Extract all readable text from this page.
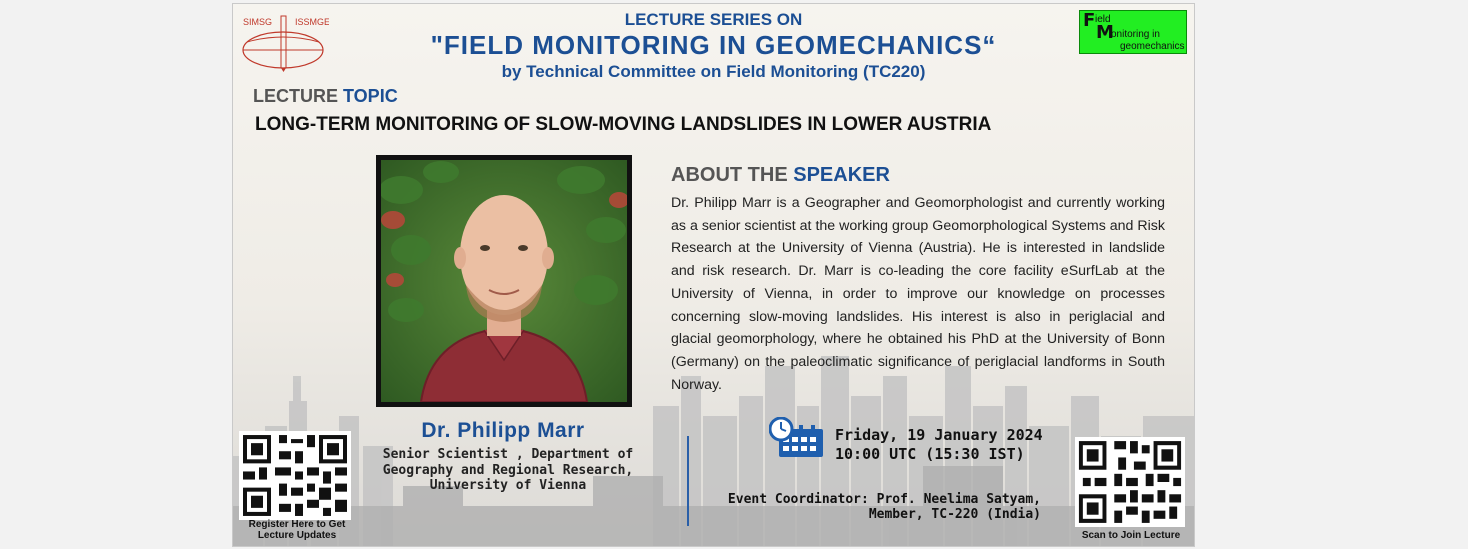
SIMSG	ISSMGE	F ield
M
onitoring in
geomechanics
LECTURE SERIES ON
"FIELD MONITORING IN GEOMECHANICS“
by Technical Committee on Field Monitoring (TC220)
LECTURE TOPIC
LONG-TERM MONITORING OF SLOW-MOVING LANDSLIDES IN LOWER AUSTRIA
ABOUT THE SPEAKER
Dr. Philipp Marr is a Geographer and Geomorphologist and currently working as a senior scientist at the working group Geomorphological Systems and Risk Research at the University of Vienna (Austria). He is interested in landslide and risk research. Dr. Marr is co-leading the core facility eSurfLab at the University of Vienna, in order to improve our knowledge on processes concerning slow-moving landslides. His interest is also in periglacial and glacial geomorphology, where he obtained his PhD at the University of Bonn (Germany) on the paleoclimatic significance of periglacial landforms in South Norway.
Dr. Philipp Marr
Senior Scientist , Department of Geography and Regional Research, University of Vienna
Friday, 19 January 2024
10:00 UTC (15:30 IST)
Event Coordinator: Prof. Neelima Satyam, Member, TC-220 (India)
Register Here to Get Lecture Updates	Scan to Join Lecture
